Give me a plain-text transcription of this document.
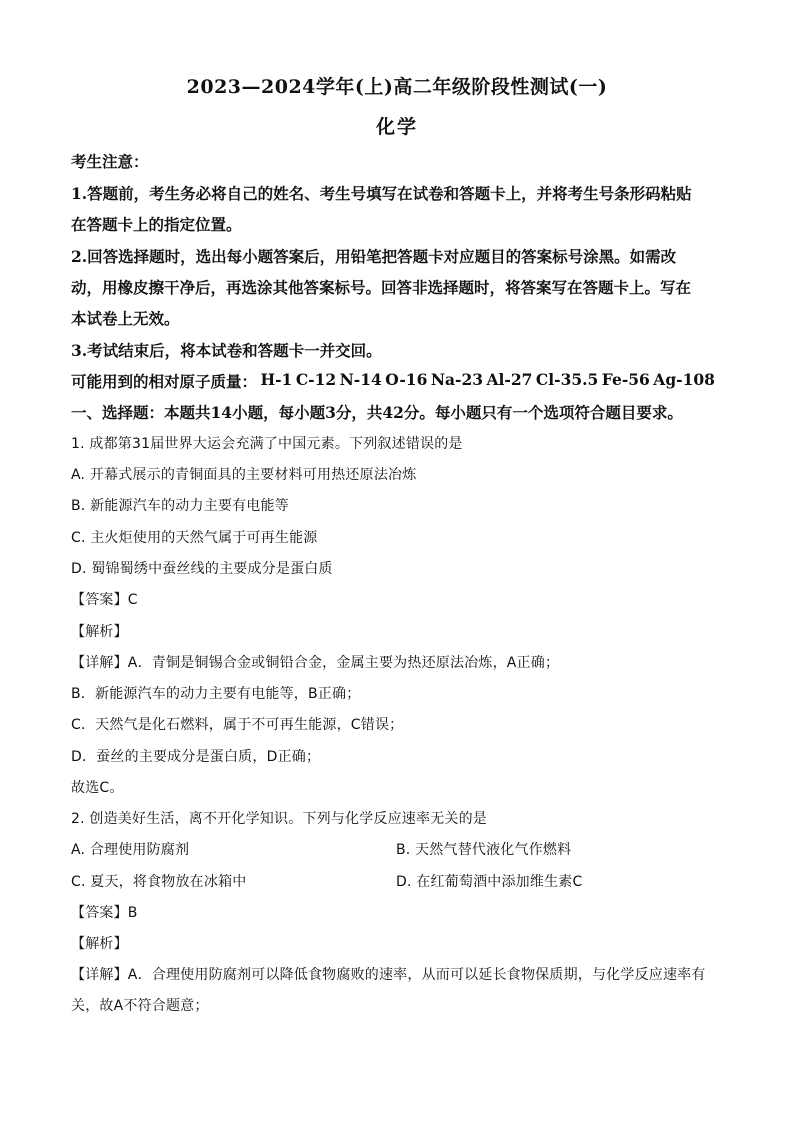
2023—2024学年(上)高二年级阶段性测试(一)
化学
考生注意：
1.答题前，考生务必将自己的姓名、考生号填写在试卷和答题卡上，并将考生号条形码粘贴
在答题卡上的指定位置。
2.回答选择题时，选出每小题答案后，用铅笔把答题卡对应题目的答案标号涂黑。如需改
动，用橡皮擦干净后，再选涂其他答案标号。回答非选择题时，将答案写在答题卡上。写在
本试卷上无效。
3.考试结束后，将本试卷和答题卡一并交回。
可能用到的相对原子质量： H-1 C-12 N-14 O-16 Na-23 Al-27 Cl-35.5 Fe-56 Ag-108
一、选择题：本题共14小题，每小题3分，共42分。每小题只有一个选项符合题目要求。
1. 成都第31届世界大运会充满了中国元素。下列叙述错误的是
A. 开幕式展示的青铜面具的主要材料可用热还原法冶炼
B. 新能源汽车的动力主要有电能等
C. 主火炬使用的天然气属于可再生能源
D. 蜀锦蜀绣中蚕丝线的主要成分是蛋白质
【答案】C
【解析】
【详解】A．青铜是铜锡合金或铜铅合金，金属主要为热还原法冶炼，A正确；
B．新能源汽车的动力主要有电能等，B正确；
C．天然气是化石燃料，属于不可再生能源，C错误；
D．蚕丝的主要成分是蛋白质，D正确；
故选C。
2. 创造美好生活，离不开化学知识。下列与化学反应速率无关的是
A. 合理使用防腐剂	B. 天然气替代液化气作燃料
C. 夏天，将食物放在冰箱中	D. 在红葡萄酒中添加维生素C
【答案】B
【解析】
【详解】A．合理使用防腐剂可以降低食物腐败的速率，从而可以延长食物保质期，与化学反应速率有
关，故A不符合题意；
